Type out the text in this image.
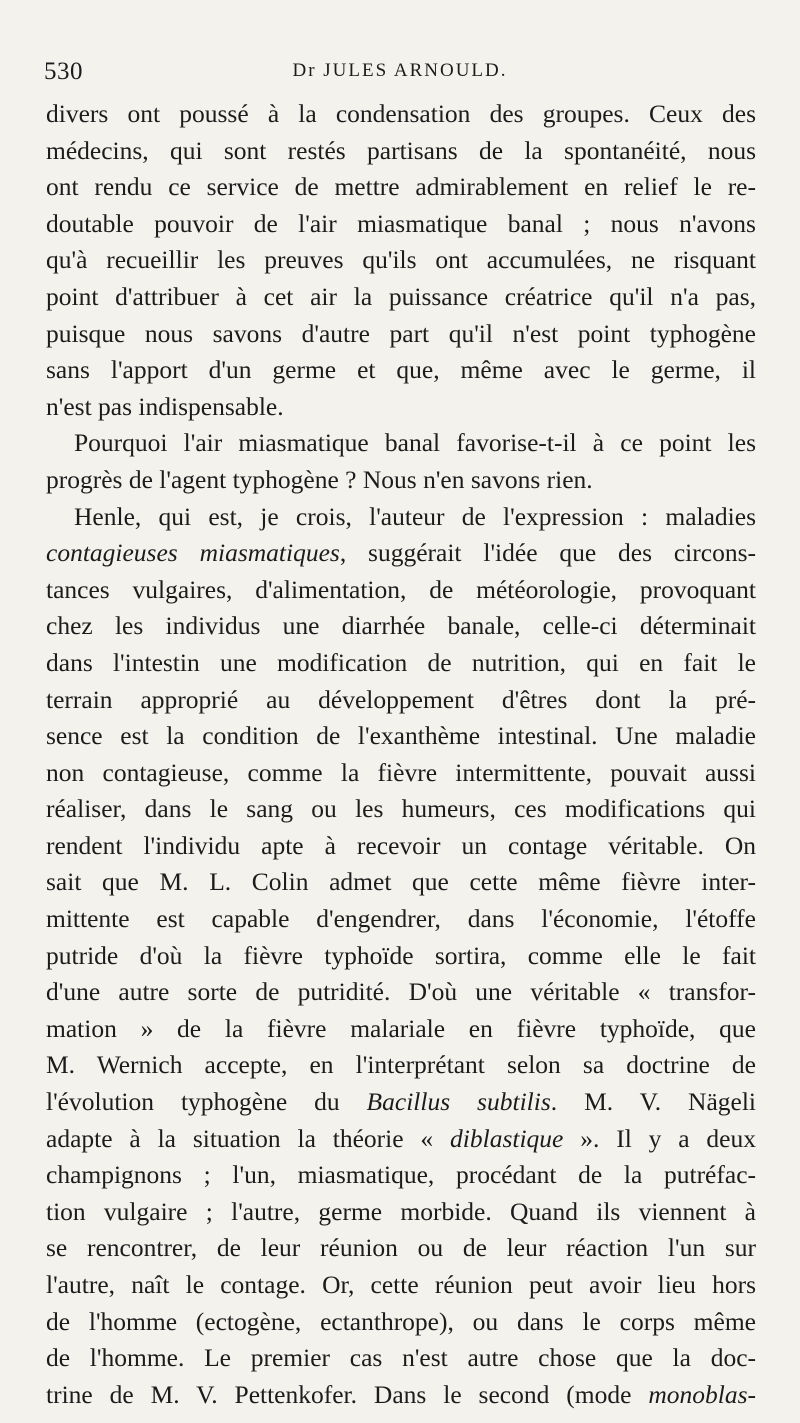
530	Dr JULES ARNOULD.
divers ont poussé à la condensation des groupes. Ceux des
médecins, qui sont restés partisans de la spontanéité, nous
ont rendu ce service de mettre admirablement en relief le re-
doutable pouvoir de l'air miasmatique banal ; nous n'avons
qu'à recueillir les preuves qu'ils ont accumulées, ne risquant
point d'attribuer à cet air la puissance créatrice qu'il n'a pas,
puisque nous savons d'autre part qu'il n'est point typhogène
sans l'apport d'un germe et que, même avec le germe, il
n'est pas indispensable.
Pourquoi l'air miasmatique banal favorise-t-il à ce point les
progrès de l'agent typhogène ? Nous n'en savons rien.
Henle, qui est, je crois, l'auteur de l'expression : maladies
contagieuses miasmatiques, suggérait l'idée que des circons-
tances vulgaires, d'alimentation, de météorologie, provoquant
chez les individus une diarrhée banale, celle-ci déterminait
dans l'intestin une modification de nutrition, qui en fait le
terrain approprié au développement d'êtres dont la pré-
sence est la condition de l'exanthème intestinal. Une maladie
non contagieuse, comme la fièvre intermittente, pouvait aussi
réaliser, dans le sang ou les humeurs, ces modifications qui
rendent l'individu apte à recevoir un contage véritable. On
sait que M. L. Colin admet que cette même fièvre inter-
mittente est capable d'engendrer, dans l'économie, l'étoffe
putride d'où la fièvre typhoïde sortira, comme elle le fait
d'une autre sorte de putridité. D'où une véritable « transfor-
mation » de la fièvre malariale en fièvre typhoïde, que
M. Wernich accepte, en l'interprétant selon sa doctrine de
l'évolution typhogène du Bacillus subtilis. M. V. Nägeli
adapte à la situation la théorie « diblastique ». Il y a deux
champignons ; l'un, miasmatique, procédant de la putréfac-
tion vulgaire ; l'autre, germe morbide. Quand ils viennent à
se rencontrer, de leur réunion ou de leur réaction l'un sur
l'autre, naît le contage. Or, cette réunion peut avoir lieu hors
de l'homme (ectogène, ectanthrope), ou dans le corps même
de l'homme. Le premier cas n'est autre chose que la doc-
trine de M. V. Pettenkofer. Dans le second (mode monoblas-
